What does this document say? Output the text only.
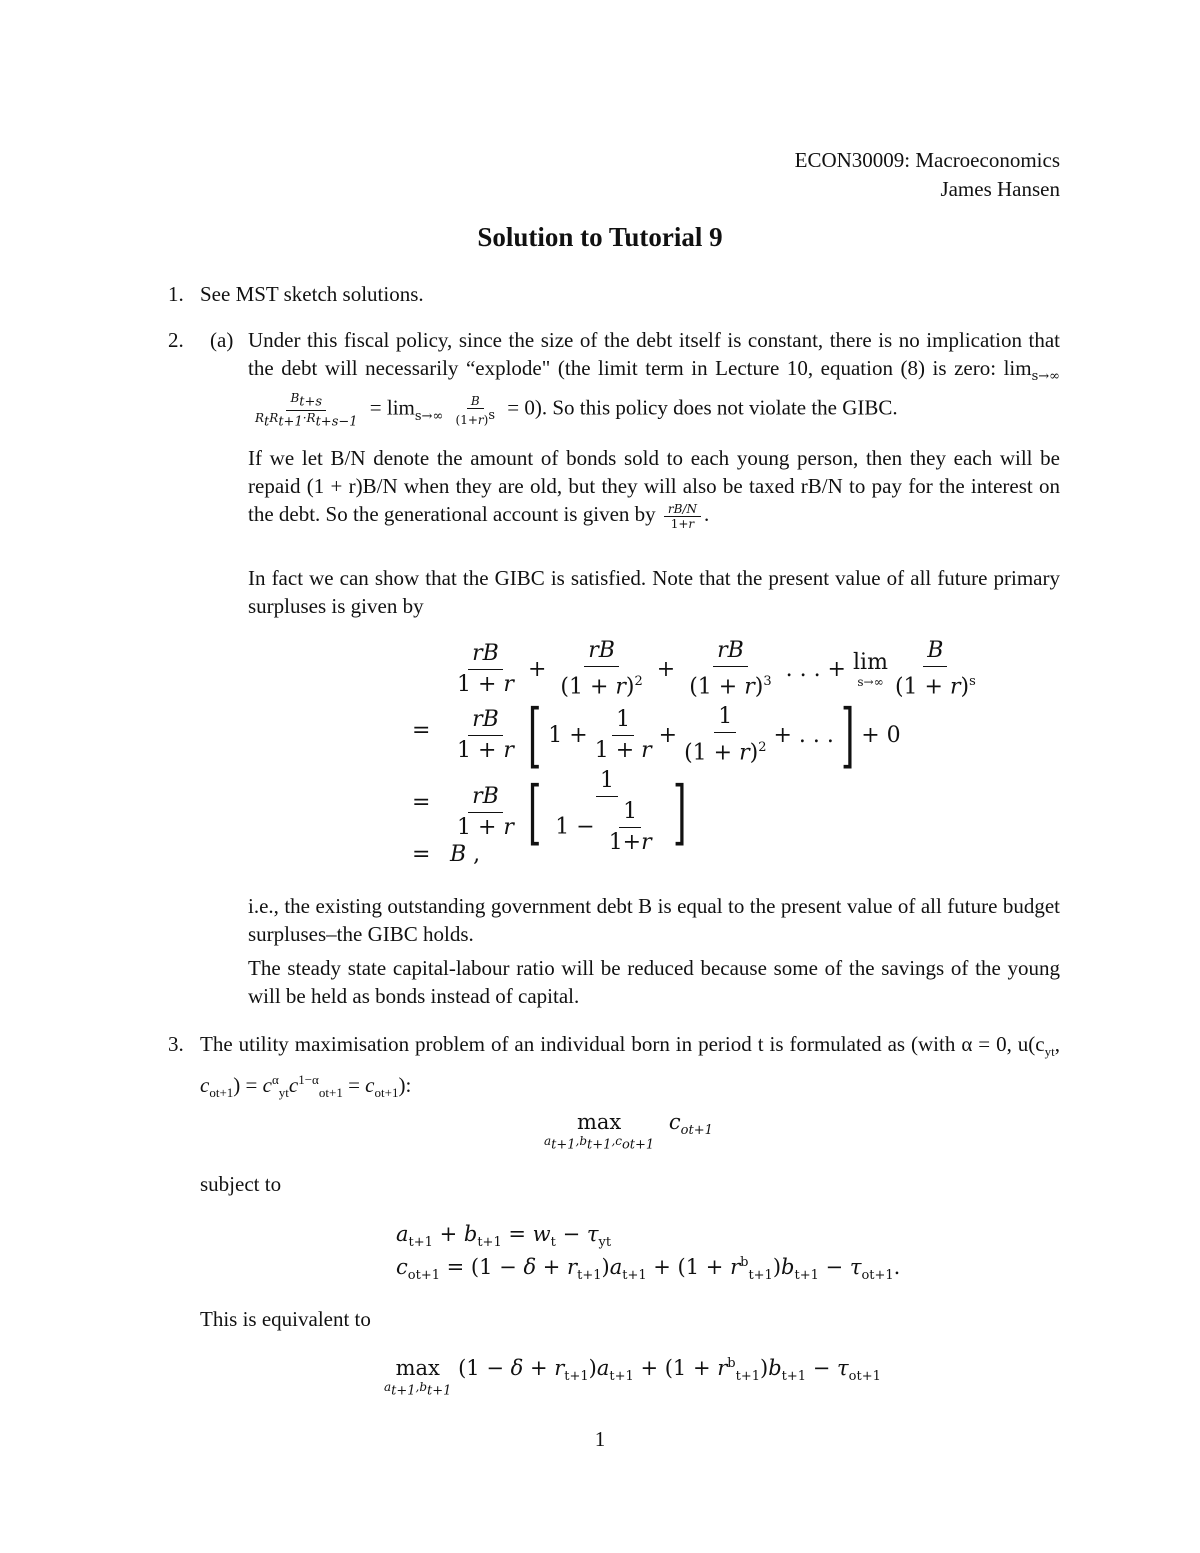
ECON30009: Macroeconomics
James Hansen
Solution to Tutorial 9
1. See MST sketch solutions.
2.	(a) Under this fiscal policy, since the size of the debt itself is constant, there is no implication that the debt will necessarily “explode" (the limit term in Lecture 10, equation (8) is zero: $\lim_{s\to\infty}$
$\frac{B_{t+s}}{R_tR_{t+1}\cdot R_{t+s-1}} = \lim_{s\to\infty} \frac{B}{(1+r)^s} = 0$). So this policy does not violate the GIBC.
If we let B/N denote the amount of bonds sold to each young person, then they each will be repaid (1 + r)B/N when they are old, but they will also be taxed rB/N to pay for the interest on the debt. So the generational account is given by $\frac{rB/N}{1+r}$ .
In fact we can show that the GIBC is satisfied. Note that the present value of all future primary surpluses is given by
$\frac{rB}{1 + r} + \frac{rB}{(1 + r)^2} + \frac{rB}{(1 + r)^3}$ . . . + lim
$s\to\infty \frac{B}{(1 + r)^s}$
= $\frac{rB}{1 + r}$ [ $1 + \frac{1}{1 + r} + \frac{1}{(1 + r)^2}$ + . . . ] + 0
= $\frac{rB}{1 + r}$ [ $\frac{1}{1 - \frac{1}{1+r}}$ ]
= B ,
i.e., the existing outstanding government debt B is equal to the present value of all future budget surpluses–the GIBC holds.
The steady state capital-labour ratio will be reduced because some of the savings of the young will be held as bonds instead of capital.
3. The utility maximisation problem of an individual born in period t is formulated as (with α = 0, $u(c_{yt}$, $c_{ot+1}) = c^\alpha_{yt}c^{1-\alpha}_{ot+1} = c_{ot+1}$):
max
$a_{t+1},b_{t+1},c_{ot+1}$
$c_{ot+1}$
subject to
$a_{t+1} + b_{t+1} = w_t - \tau_{yt}$
$c_{ot+1} = (1 - \delta + r_{t+1})a_{t+1} + (1 + r^b_{t+1})b_{t+1} - \tau_{ot+1}$.
This is equivalent to
max
$a_{t+1},b_{t+1}$
$(1 - \delta + r_{t+1})a_{t+1} + (1 + r^b_{t+1})b_{t+1} - \tau_{ot+1}$
1
